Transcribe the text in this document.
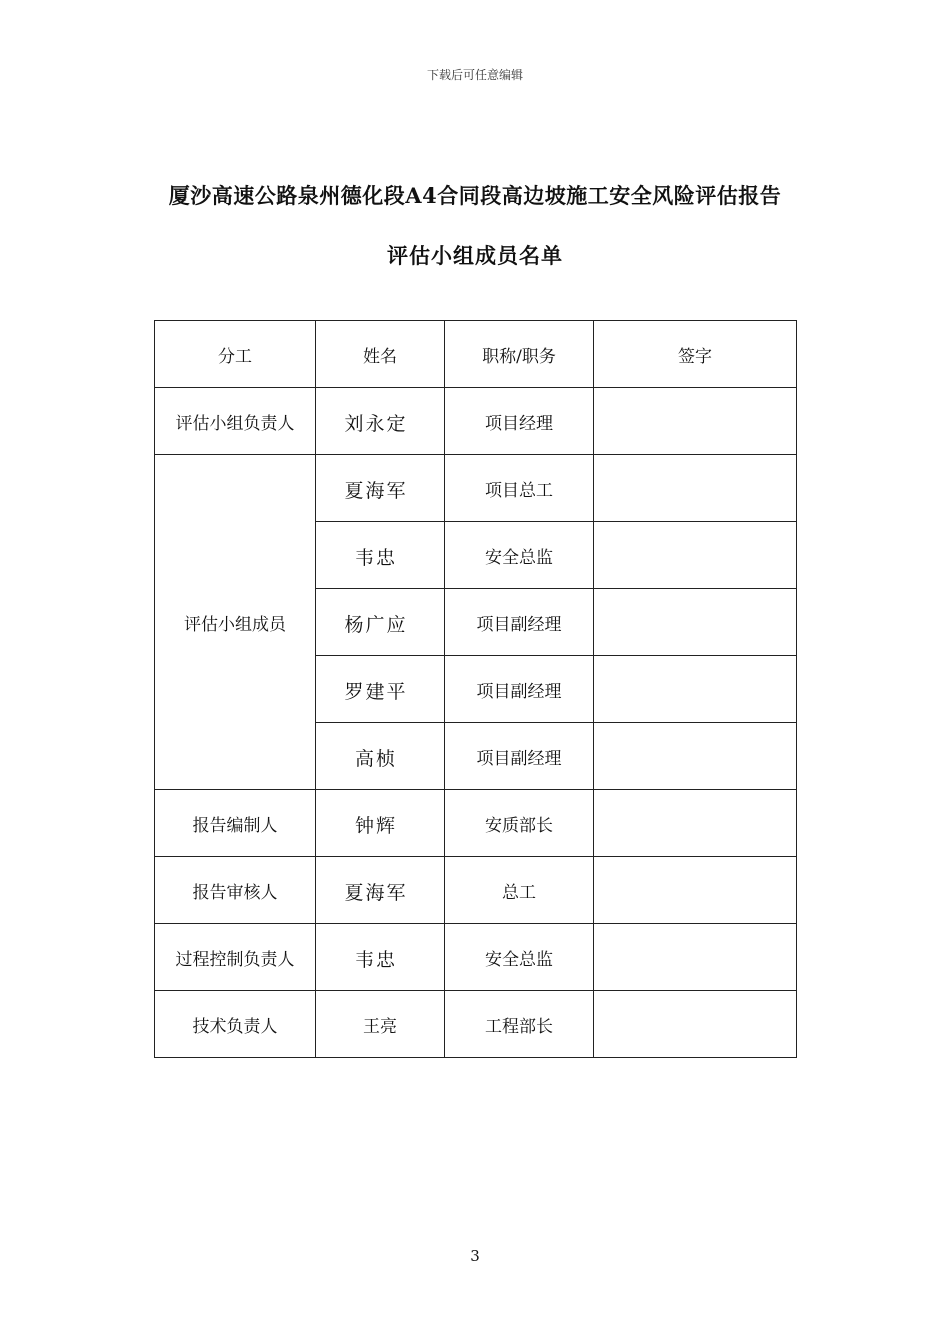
下载后可任意编辑
厦沙高速公路泉州德化段A4合同段高边坡施工安全风险评估报告
评估小组成员名单
分工	姓名	职称/职务	签字
评估小组负责人	刘永定	项目经理	
评估小组成员	夏海军	项目总工	
	韦忠	安全总监	
	杨广应	项目副经理	
	罗建平	项目副经理	
	高桢	项目副经理	
报告编制人	钟辉	安质部长	
报告审核人	夏海军	总工	
过程控制负责人	韦忠	安全总监	
技术负责人	王亮	工程部长	
3
